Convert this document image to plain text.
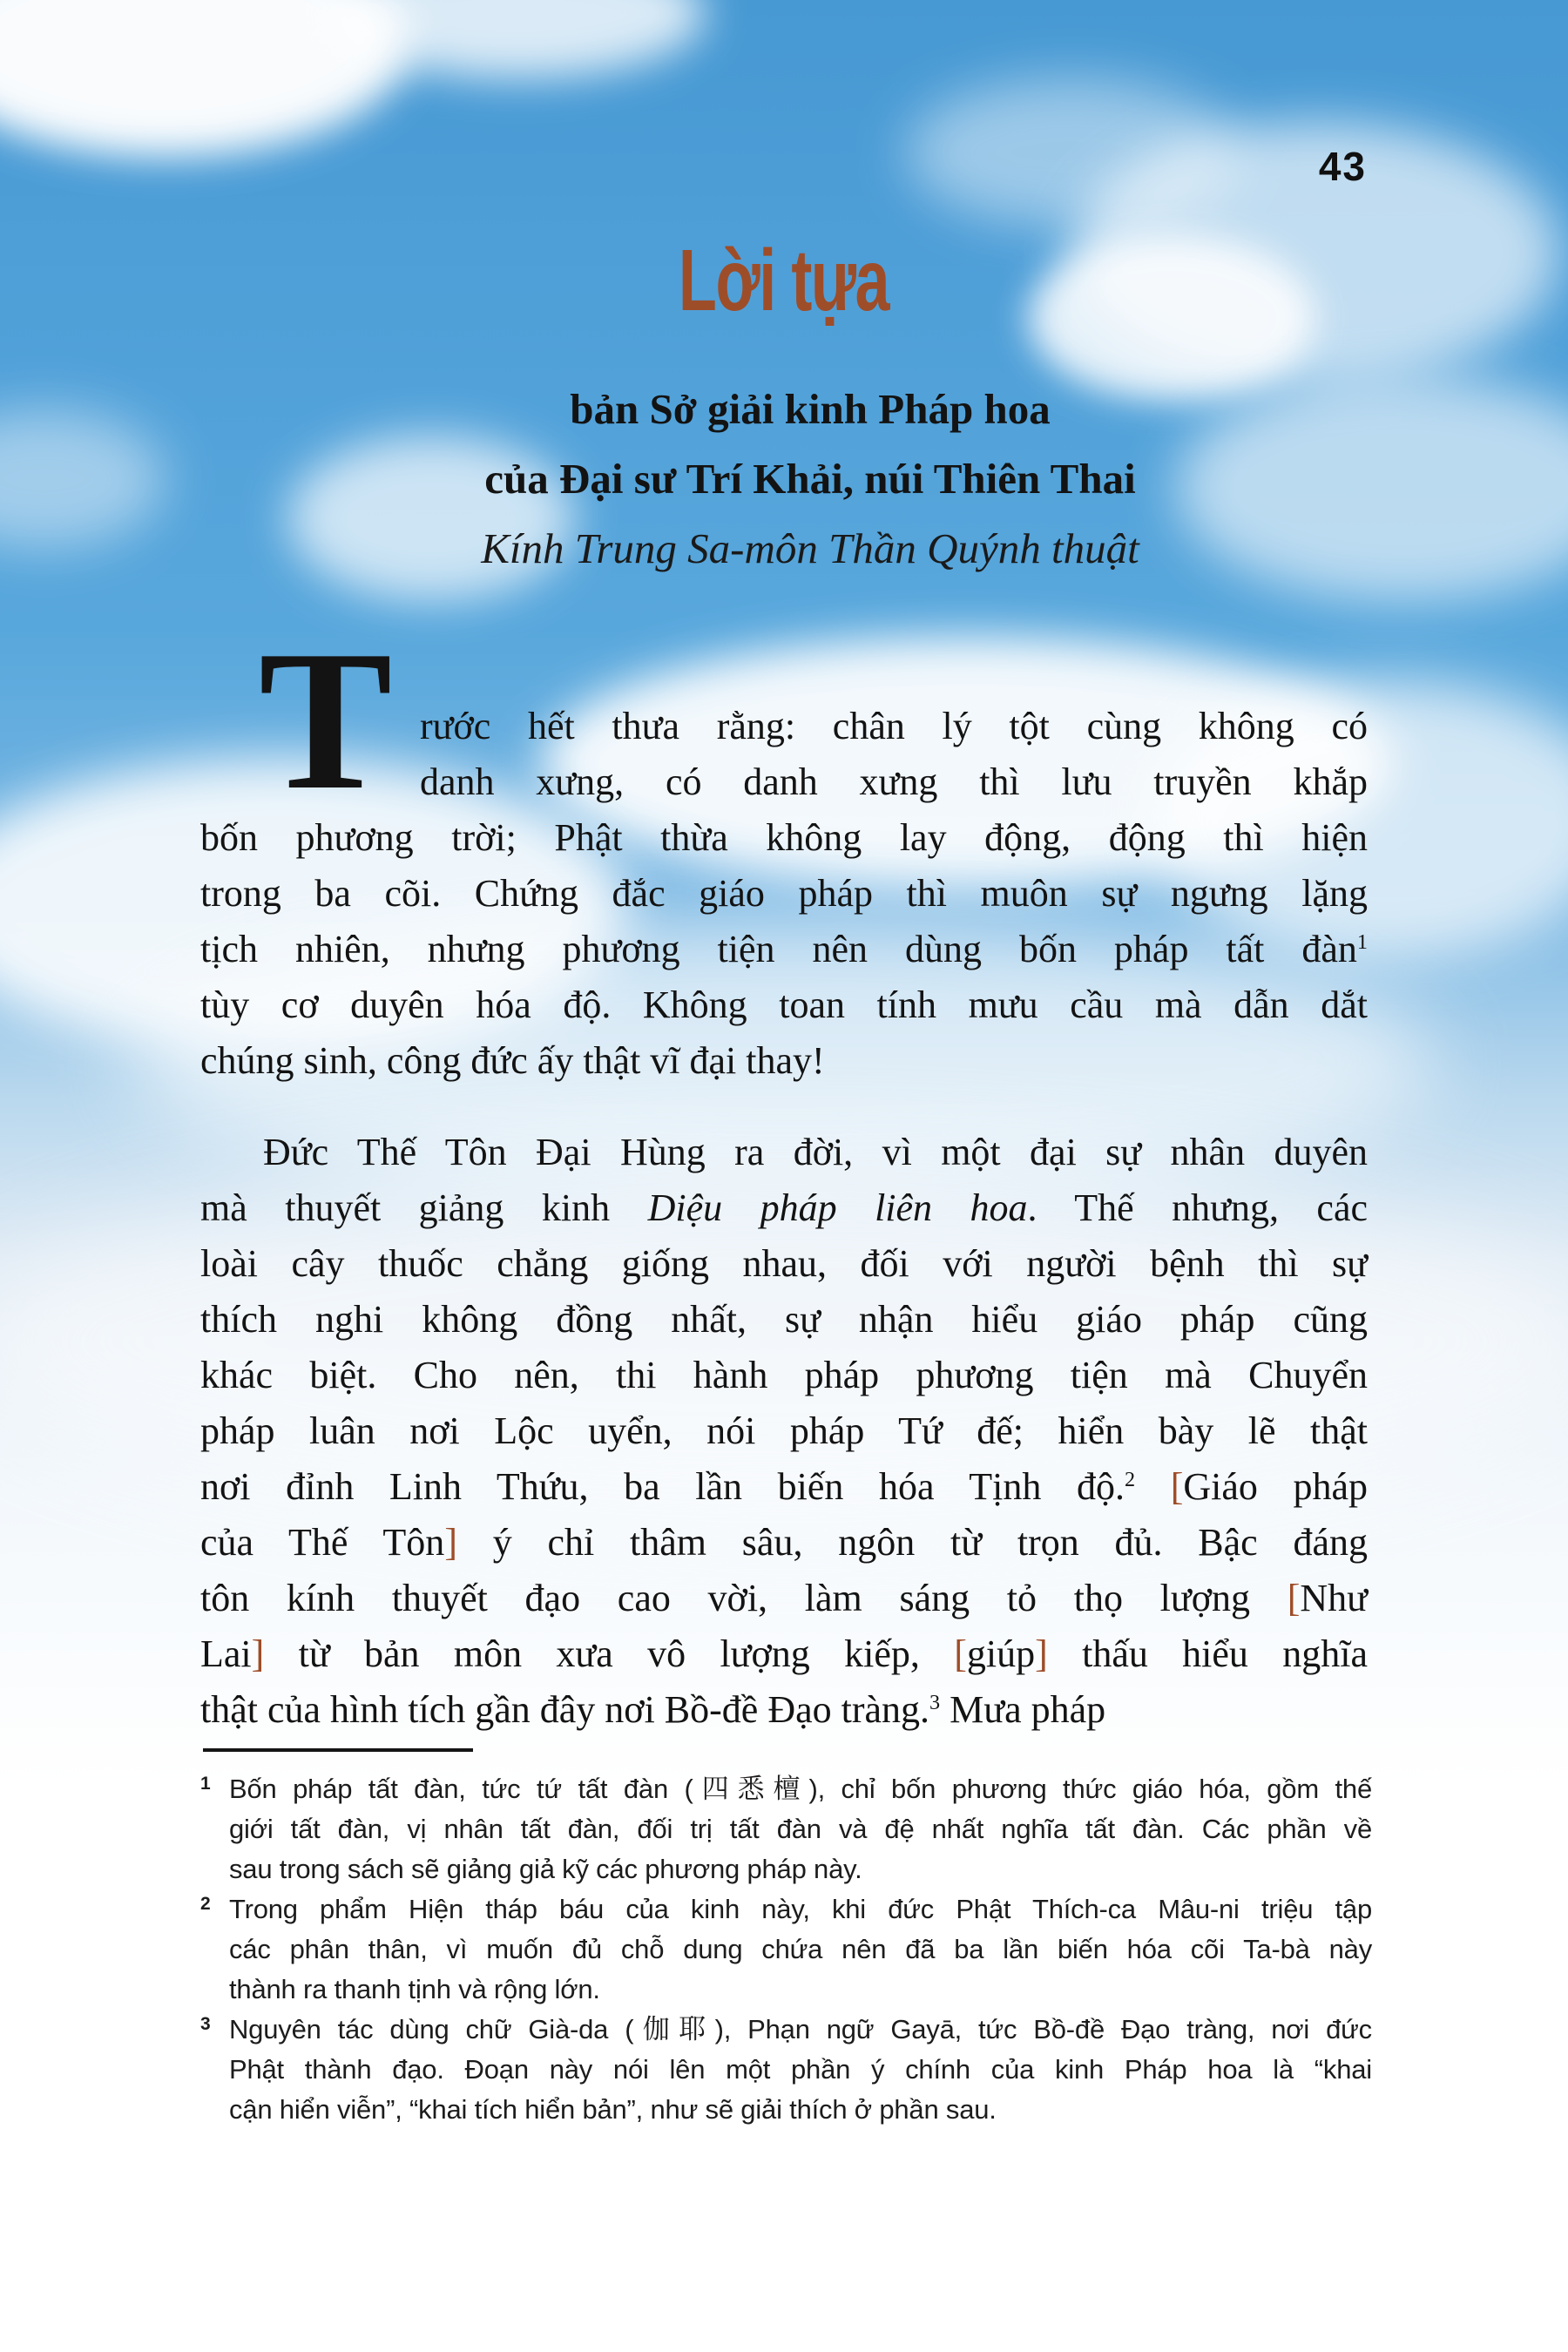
43
Lời tựa
bản Sở giải kinh Pháp hoa
của Đại sư Trí Khải, núi Thiên Thai
Kính Trung Sa-môn Thần Quýnh thuật
T rước hết thưa rằng: chân lý tột cùng không có
danh xưng, có danh xưng thì lưu truyền khắp
bốn phương trời; Phật thừa không lay động, động thì hiện
trong ba cõi. Chứng đắc giáo pháp thì muôn sự ngưng lặng
tịch nhiên, nhưng phương tiện nên dùng bốn pháp tất đàn$^1$
tùy cơ duyên hóa độ. Không toan tính mưu cầu mà dẫn dắt
chúng sinh, công đức ấy thật vĩ đại thay!
Đức Thế Tôn Đại Hùng ra đời, vì một đại sự nhân duyên
mà thuyết giảng kinh Diệu pháp liên hoa. Thế nhưng, các
loài cây thuốc chẳng giống nhau, đối với người bệnh thì sự
thích nghi không đồng nhất, sự nhận hiểu giáo pháp cũng
khác biệt. Cho nên, thi hành pháp phương tiện mà Chuyển
pháp luân nơi Lộc uyển, nói pháp Tứ đế; hiển bày lẽ thật
nơi đỉnh Linh Thứu, ba lần biến hóa Tịnh độ.$^2$ [Giáo pháp
của Thế Tôn] ý chỉ thâm sâu, ngôn từ trọn đủ. Bậc đáng
tôn kính thuyết đạo cao vời, làm sáng tỏ thọ lượng [Như
Lai] từ bản môn xưa vô lượng kiếp, [giúp] thấu hiểu nghĩa
thật của hình tích gần đây nơi Bồ-đề Đạo tràng.$^3$ Mưa pháp
1 Bốn pháp tất đàn, tức tứ tất đàn (四悉檀), chỉ bốn phương thức giáo hóa, gồm thế
giới tất đàn, vị nhân tất đàn, đối trị tất đàn và đệ nhất nghĩa tất đàn. Các phần về
sau trong sách sẽ giảng giả kỹ các phương pháp này.
2 Trong phẩm Hiện tháp báu của kinh này, khi đức Phật Thích-ca Mâu-ni triệu tập
các phân thân, vì muốn đủ chỗ dung chứa nên đã ba lần biến hóa cõi Ta-bà này
thành ra thanh tịnh và rộng lớn.
3 Nguyên tác dùng chữ Già-da (伽耶), Phạn ngữ Gayā, tức Bồ-đề Đạo tràng, nơi đức
Phật thành đạo. Đoạn này nói lên một phần ý chính của kinh Pháp hoa là “khai
cận hiển viễn”, “khai tích hiển bản”, như sẽ giải thích ở phần sau.
